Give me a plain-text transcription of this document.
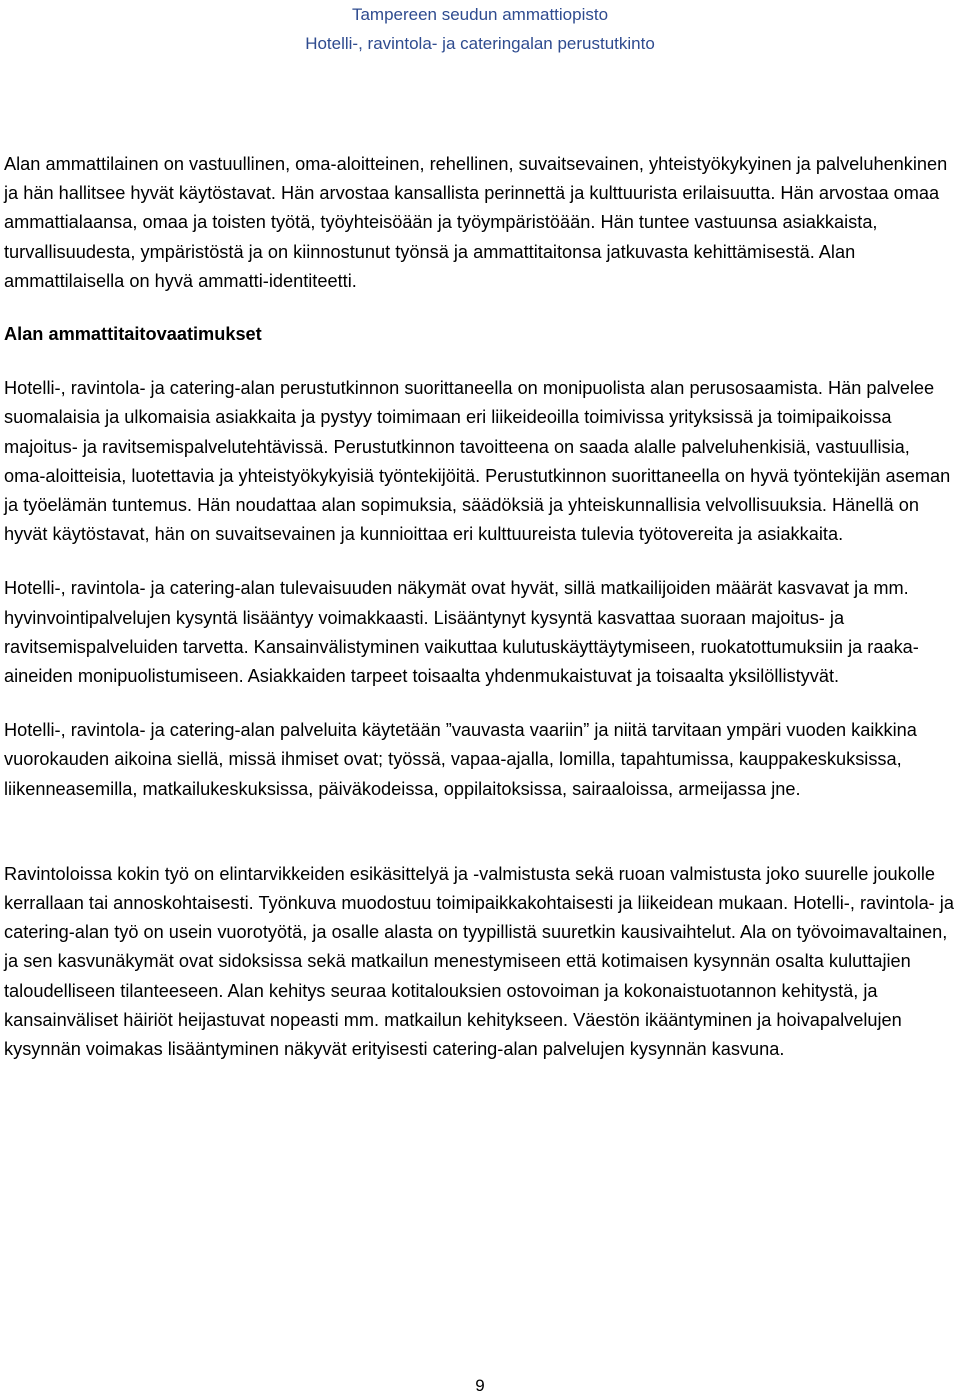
Tampereen seudun ammattiopisto
Hotelli-, ravintola- ja cateringalan perustutkinto

Alan ammattilainen on vastuullinen, oma-aloitteinen, rehellinen, suvaitsevainen, yhteistyökykyinen ja palveluhenkinen ja hän hallitsee hyvät käytöstavat. Hän arvostaa kansallista perinnettä ja kulttuurista erilaisuutta. Hän arvostaa omaa ammattialaansa, omaa ja toisten työtä, työyhteisöään ja työympäristöään. Hän tuntee vastuunsa asiakkaista, turvallisuudesta, ympäristöstä ja on kiinnostunut työnsä ja ammattitaitonsa jatkuvasta kehittämisestä. Alan ammattilaisella on hyvä ammatti-identiteetti.

Alan ammattitaitovaatimukset

Hotelli-, ravintola- ja catering-alan perustutkinnon suorittaneella on monipuolista alan perusosaamista. Hän palvelee suomalaisia ja ulkomaisia asiakkaita ja pystyy toimimaan eri liikeideoilla toimivissa yrityksissä ja toimipaikoissa majoitus- ja ravitsemispalvelutehtävissä. Perustutkinnon tavoitteena on saada alalle palveluhenkisiä, vastuullisia, oma-aloitteisia, luotettavia ja yhteistyökykyisiä työntekijöitä. Perustutkinnon suorittaneella on hyvä työntekijän aseman ja työelämän tuntemus. Hän noudattaa alan sopimuksia, säädöksiä ja yhteiskunnallisia velvollisuuksia. Hänellä on hyvät käytöstavat, hän on suvaitsevainen ja kunnioittaa eri kulttuureista tulevia työtovereita ja asiakkaita.

Hotelli-, ravintola- ja catering-alan tulevaisuuden näkymät ovat hyvät, sillä matkailijoiden määrät kasvavat ja mm. hyvinvointipalvelujen kysyntä lisääntyy voimakkaasti. Lisääntynyt kysyntä kasvattaa suoraan majoitus- ja ravitsemispalveluiden tarvetta. Kansainvälistyminen vaikuttaa kulutuskäyttäytymiseen, ruokatottumuksiin ja raaka-aineiden monipuolistumiseen. Asiakkaiden tarpeet toisaalta yhdenmukaistuvat ja toisaalta yksilöllistyvät.

Hotelli-, ravintola- ja catering-alan palveluita käytetään ”vauvasta vaariin” ja niitä tarvitaan ympäri vuoden kaikkina vuorokauden aikoina siellä, missä ihmiset ovat; työssä, vapaa-ajalla, lomilla, tapahtumissa, kauppakeskuksissa, liikenneasemilla, matkailukeskuksissa, päiväkodeissa, oppilaitoksissa, sairaaloissa, armeijassa jne.

Ravintoloissa kokin työ on elintarvikkeiden esikäsittelyä ja -valmistusta sekä ruoan valmistusta joko suurelle joukolle kerrallaan tai annoskohtaisesti. Työnkuva muodostuu toimipaikkakohtaisesti ja liikeidean mukaan. Hotelli-, ravintola- ja catering-alan työ on usein vuorotyötä, ja osalle alasta on tyypillistä suuretkin kausivaihtelut. Ala on työvoimavaltainen, ja sen kasvunäkymät ovat sidoksissa sekä matkailun menestymiseen että kotimaisen kysynnän osalta kuluttajien taloudelliseen tilanteeseen. Alan kehitys seuraa kotitalouksien ostovoiman ja kokonaistuotannon kehitystä, ja kansainväliset häiriöt heijastuvat nopeasti mm. matkailun kehitykseen. Väestön ikääntyminen ja hoivapalvelujen kysynnän voimakas lisääntyminen näkyvät erityisesti catering-alan palvelujen kysynnän kasvuna.

9
